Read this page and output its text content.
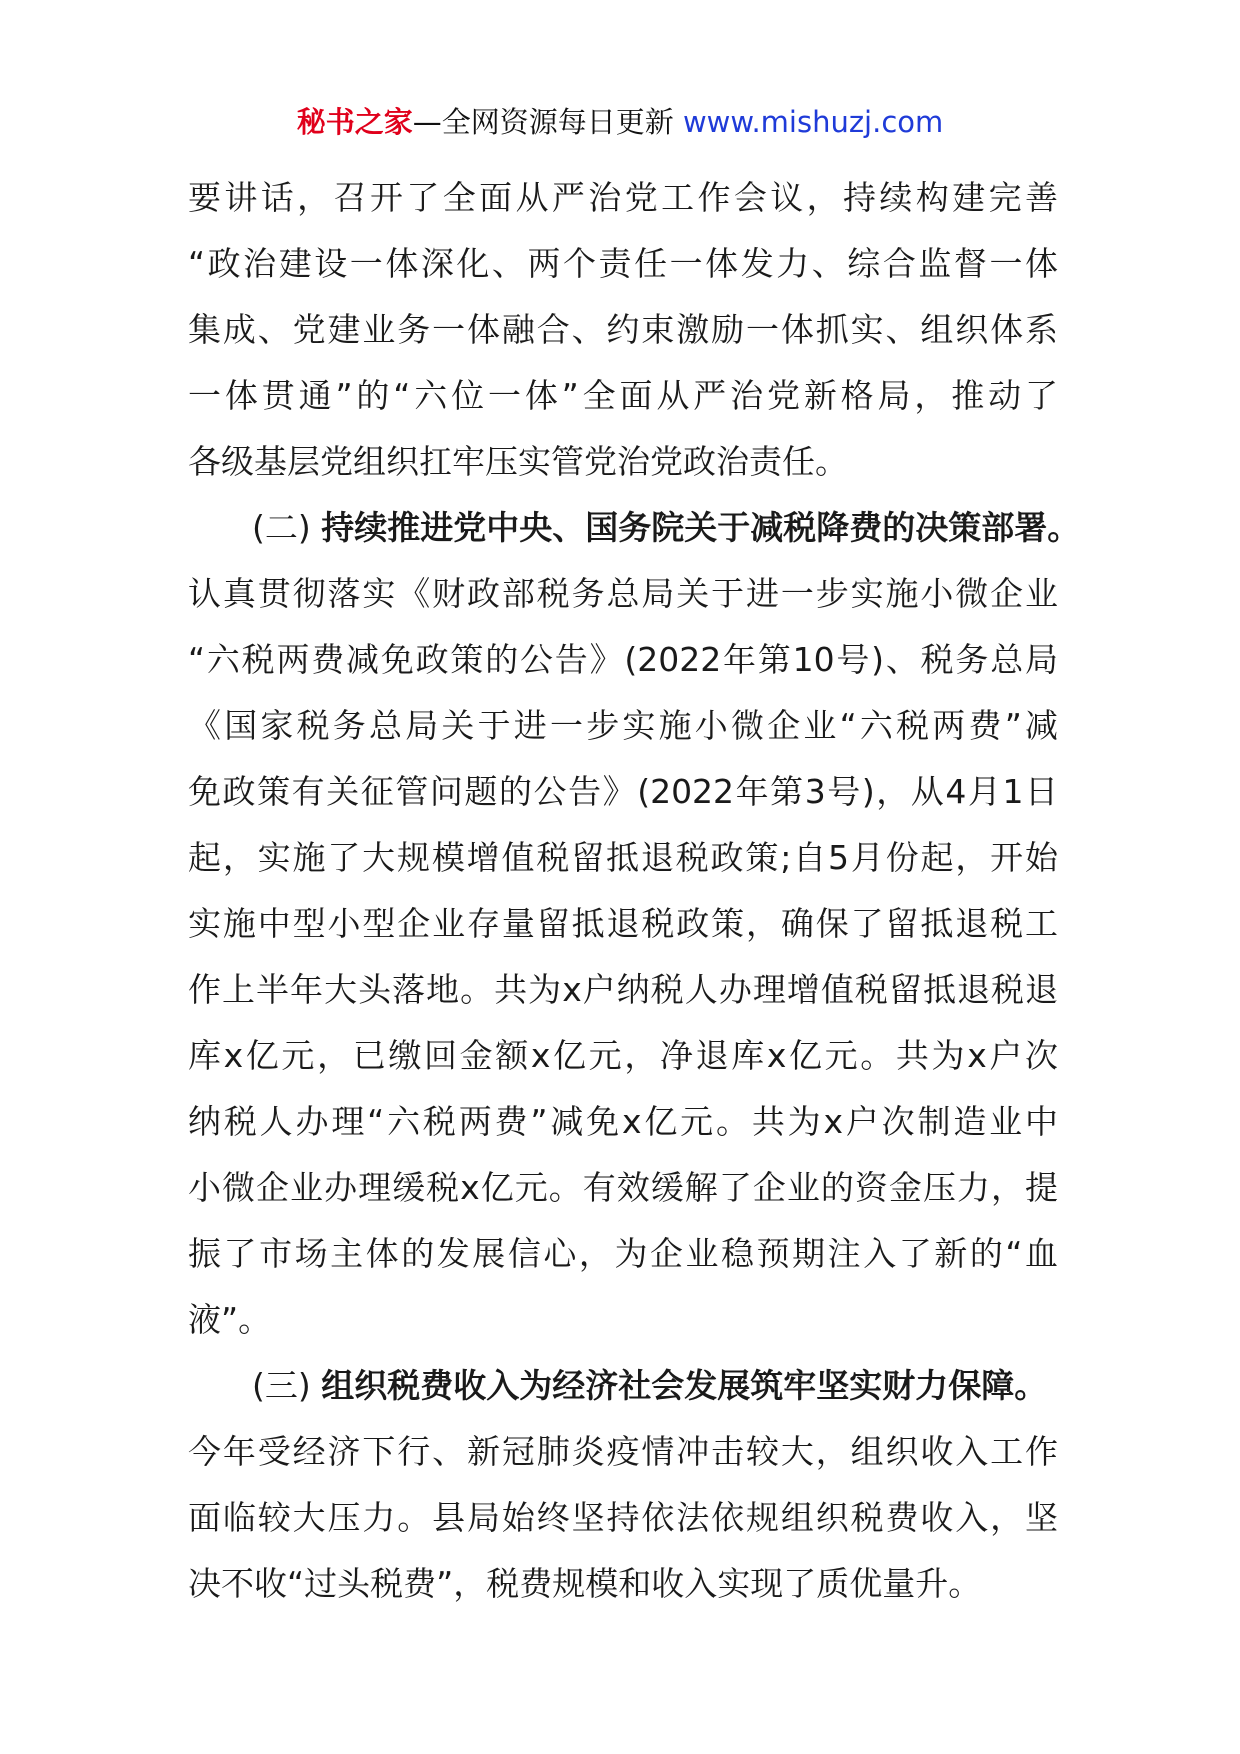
秘书之家—全网资源每日更新 www.mishuzj.com
要讲话，召开了全面从严治党工作会议，持续构建完善
“政治建设一体深化、两个责任一体发力、综合监督一体
集成、党建业务一体融合、约束激励一体抓实、组织体系
一体贯通”的“六位一体”全面从严治党新格局，推动了
各级基层党组织扛牢压实管党治党政治责任。
(二) 持续推进党中央、国务院关于减税降费的决策部署。
认真贯彻落实《财政部税务总局关于进一步实施小微企业
“六税两费减免政策的公告》(2022年第10号)、税务总局
《国家税务总局关于进一步实施小微企业“六税两费”减
免政策有关征管问题的公告》(2022年第3号)，从4月1日
起，实施了大规模增值税留抵退税政策;自5月份起，开始
实施中型小型企业存量留抵退税政策，确保了留抵退税工
作上半年大头落地。共为x户纳税人办理增值税留抵退税退
库x亿元，已缴回金额x亿元，净退库x亿元。共为x户次
纳税人办理“六税两费”减免x亿元。共为x户次制造业中
小微企业办理缓税x亿元。有效缓解了企业的资金压力，提
振了市场主体的发展信心，为企业稳预期注入了新的“血
液”。
(三) 组织税费收入为经济社会发展筑牢坚实财力保障。
今年受经济下行、新冠肺炎疫情冲击较大，组织收入工作
面临较大压力。县局始终坚持依法依规组织税费收入，坚
决不收“过头税费”，税费规模和收入实现了质优量升。
